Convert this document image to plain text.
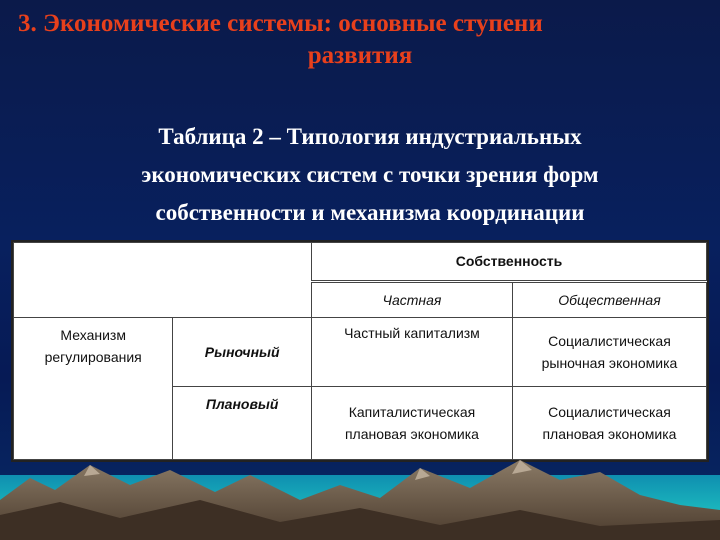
3. Экономические системы: основные ступени
развития
Таблица 2 – Типология индустриальных
экономических систем с точки зрения форм
собственности и механизма координации
		Собственность	
		Частная	Общественная
Механизм регулирования	Рыночный	Частный капитализм	Социалистическая рыночная экономика
	Плановый	Капиталистическая плановая экономика	Социалистическая плановая экономика
